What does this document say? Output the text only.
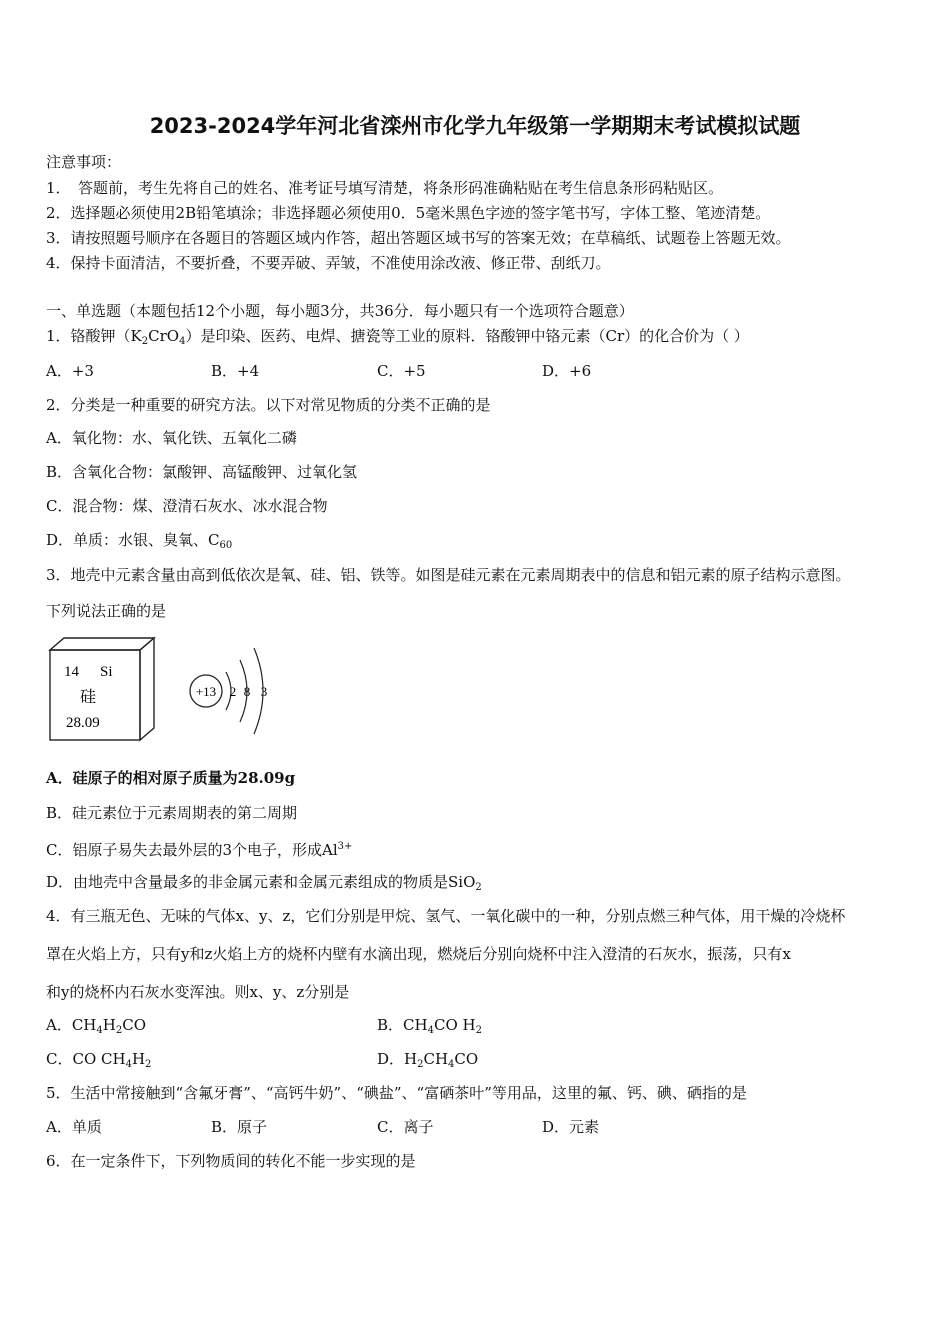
2023-2024学年河北省滦州市化学九年级第一学期期末考试模拟试题
注意事项：
1．　答题前，考生先将自己的姓名、准考证号填写清楚，将条形码准确粘贴在考生信息条形码粘贴区。
2．选择题必须使用2B铅笔填涂；非选择题必须使用0．5毫米黑色字迹的签字笔书写，字体工整、笔迹清楚。
3．请按照题号顺序在各题目的答题区域内作答，超出答题区域书写的答案无效；在草稿纸、试题卷上答题无效。
4．保持卡面清洁，不要折叠，不要弄破、弄皱，不准使用涂改液、修正带、刮纸刀。
一、单选题（本题包括12个小题，每小题3分，共36分．每小题只有一个选项符合题意）
1．铬酸钾$(K_2CrO_4)$是印染、医药、电焊、搪瓷等工业的原料．铬酸钾中铬元素（Cr）的化合价为（ ）
A．+3	B．+4	C．+5	D．+6
2．分类是一种重要的研究方法。以下对常见物质的分类不正确的是
A．氧化物：水、氧化铁、五氧化二磷
B．含氧化合物：氯酸钾、高锰酸钾、过氧化氢
C．混合物：煤、澄清石灰水、冰水混合物
D．单质：水银、臭氧、$C_{60}$
3．地壳中元素含量由高到低依次是氧、硅、铝、铁等。如图是硅元素在元素周期表中的信息和铝元素的原子结构示意图。
下列说法正确的是
14 Si
硅
28.09
+13 2 8 3
A．硅原子的相对原子质量为28.09g
B．硅元素位于元素周期表的第二周期
C．铝原子易失去最外层的3个电子，形成$Al^{3+}$
D．由地壳中含量最多的非金属元素和金属元素组成的物质是SiO$_2$
4．有三瓶无色、无味的气体x、y、z，它们分别是甲烷、氢气、一氧化碳中的一种，分别点燃三种气体，用干燥的冷烧杯
罩在火焰上方，只有y和z火焰上方的烧杯内壁有水滴出现，燃烧后分别向烧杯中注入澄清的石灰水，振荡，只有x
和y的烧杯内石灰水变浑浊。则x、y、z分别是
A．$CH_4H_2CO$	B．$CH_4CO$ $H_2$
C．CO $CH_4H_2$	D．$H_2CH_4CO$
5．生活中常接触到“含氟牙膏”、“高钙牛奶”、“碘盐”、“富硒茶叶”等用品，这里的氟、钙、碘、硒指的是
A．单质	B．原子	C．离子	D．元素
6．在一定条件下，下列物质间的转化不能一步实现的是
